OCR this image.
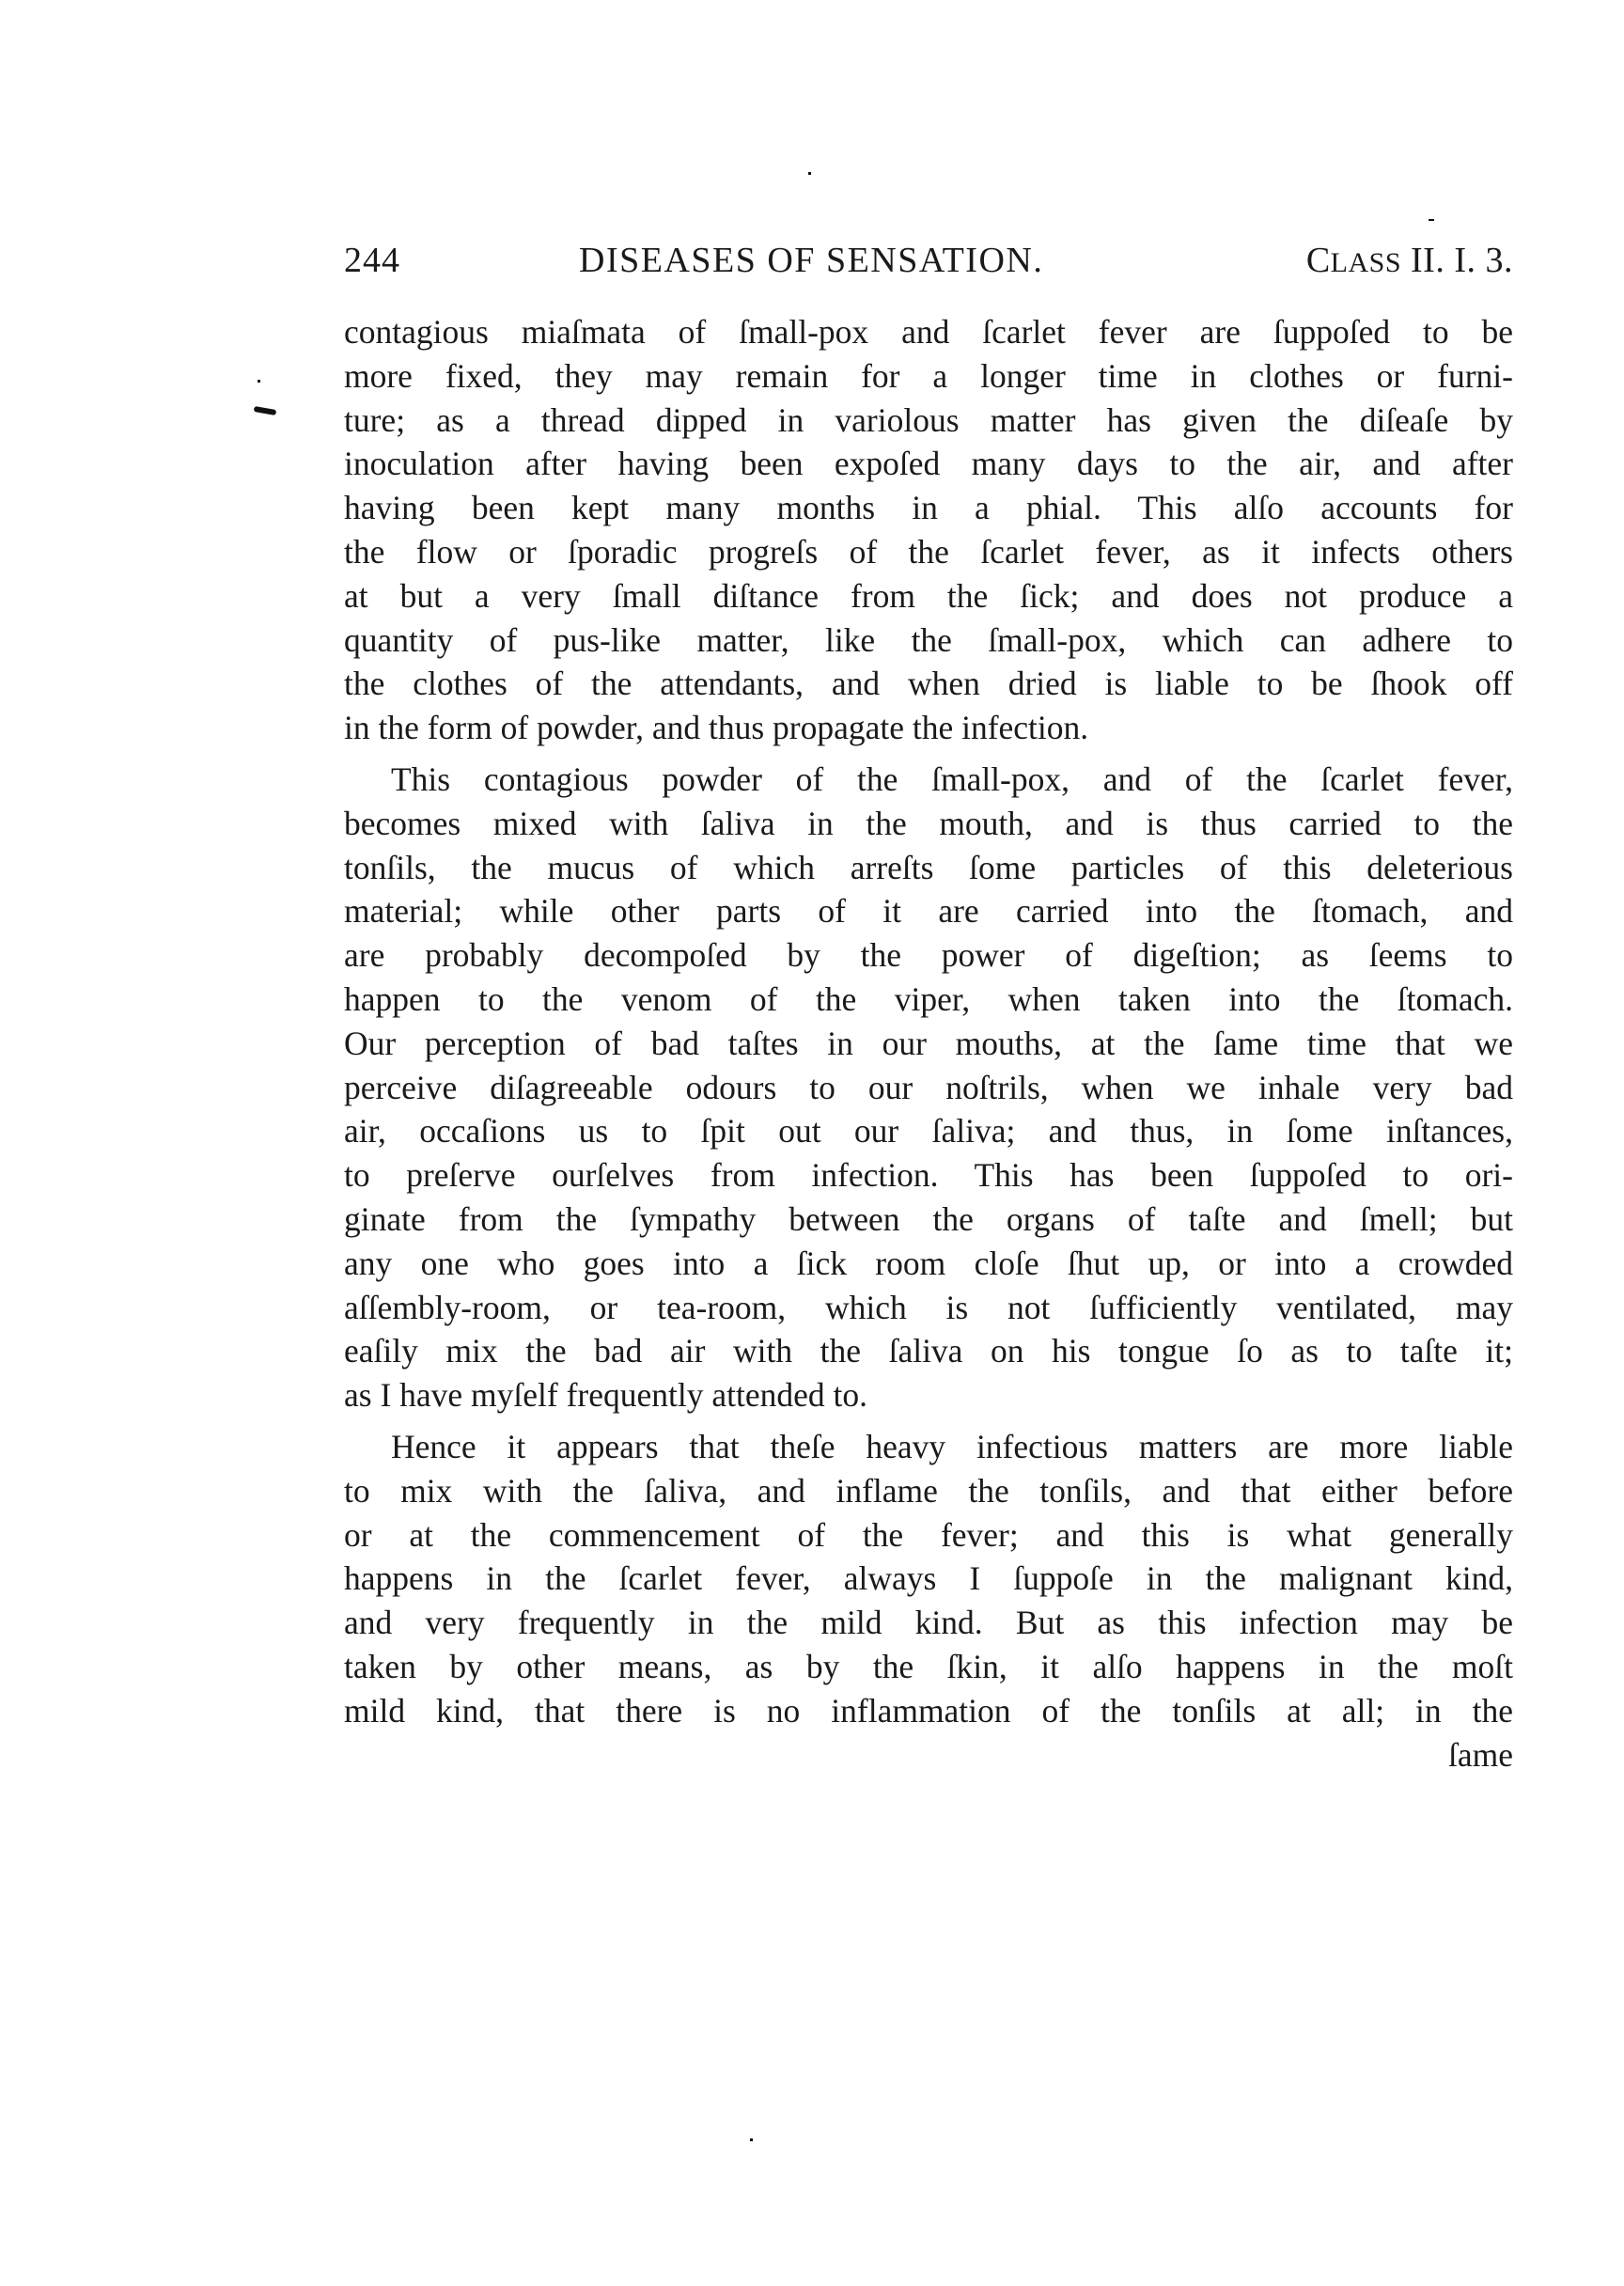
244	DISEASES OF SENSATION.	CLASS II. I. 3.
contagious miaſmata of ſmall-pox and ſcarlet fever are ſuppoſed to be
more fixed, they may remain for a longer time in clothes or furni-
ture; as a thread dipped in variolous matter has given the diſeaſe by
inoculation after having been expoſed many days to the air, and after
having been kept many months in a phial. This alſo accounts for
the flow or ſporadic progreſs of the ſcarlet fever, as it infects others
at but a very ſmall diſtance from the ſick; and does not produce a
quantity of pus-like matter, like the ſmall-pox, which can adhere to
the clothes of the attendants, and when dried is liable to be ſhook off
in the form of powder, and thus propagate the infection.
This contagious powder of the ſmall-pox, and of the ſcarlet fever,
becomes mixed with ſaliva in the mouth, and is thus carried to the
tonſils, the mucus of which arreſts ſome particles of this deleterious
material; while other parts of it are carried into the ſtomach, and
are probably decompoſed by the power of digeſtion; as ſeems to
happen to the venom of the viper, when taken into the ſtomach.
Our perception of bad taſtes in our mouths, at the ſame time that we
perceive diſagreeable odours to our noſtrils, when we inhale very bad
air, occaſions us to ſpit out our ſaliva; and thus, in ſome inſtances,
to preſerve ourſelves from infection. This has been ſuppoſed to ori-
ginate from the ſympathy between the organs of taſte and ſmell; but
any one who goes into a ſick room cloſe ſhut up, or into a crowded
aſſembly-room, or tea-room, which is not ſufficiently ventilated, may
eaſily mix the bad air with the ſaliva on his tongue ſo as to taſte it;
as I have myſelf frequently attended to.
Hence it appears that theſe heavy infectious matters are more liable
to mix with the ſaliva, and inflame the tonſils, and that either before
or at the commencement of the fever; and this is what generally
happens in the ſcarlet fever, always I ſuppoſe in the malignant kind,
and very frequently in the mild kind. But as this infection may be
taken by other means, as by the ſkin, it alſo happens in the moſt
mild kind, that there is no inflammation of the tonſils at all; in the
ſame
